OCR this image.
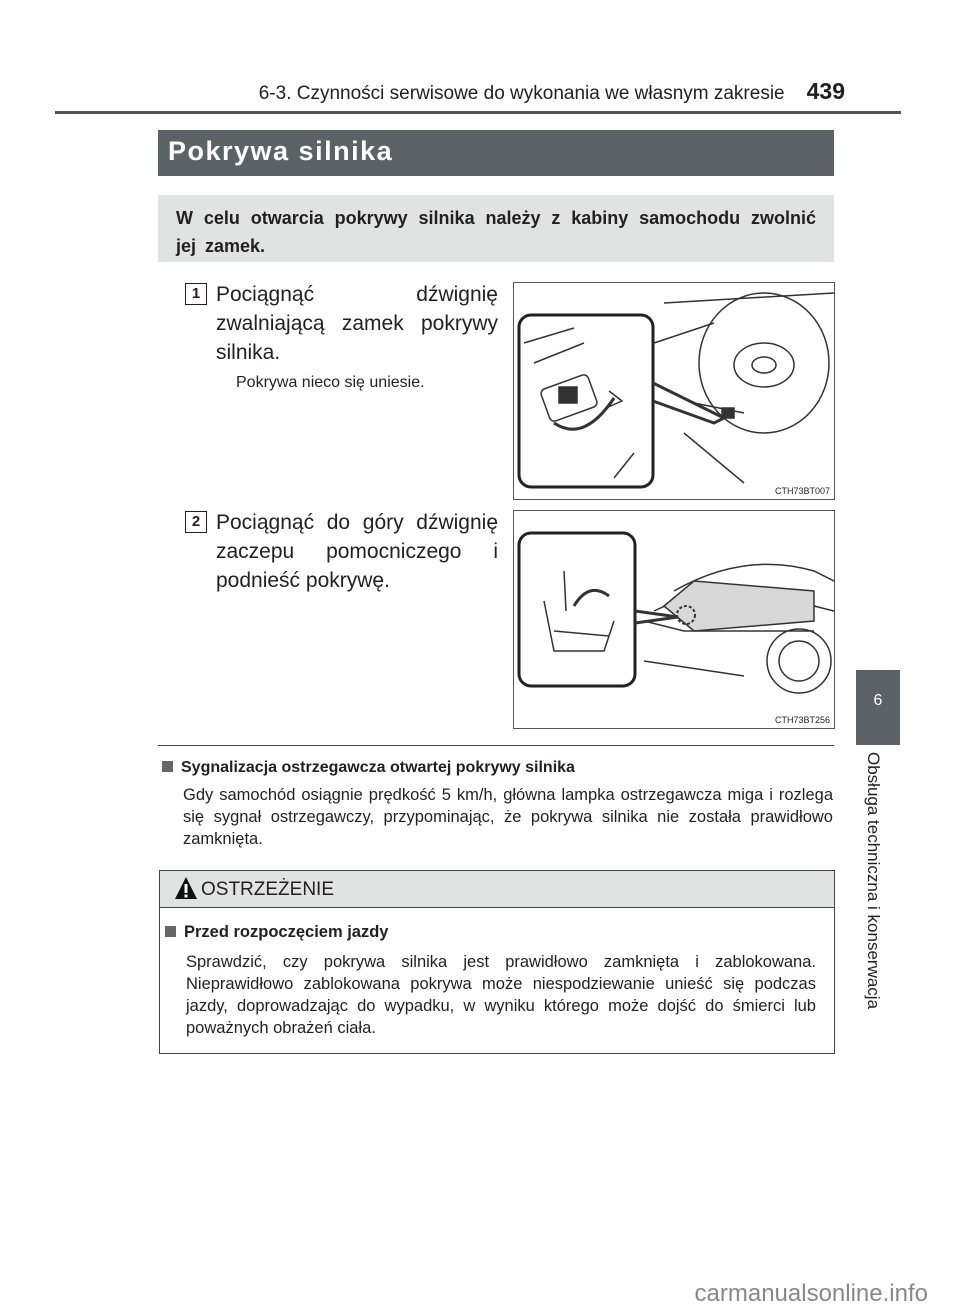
6-3. Czynności serwisowe do wykonania we własnym zakresie 439
Pokrywa silnika

W celu otwarcia pokrywy silnika należy z kabiny samochodu zwolnić jej zamek.

1 Pociągnąć dźwignię zwalniającą zamek pokrywy silnika.
Pokrywa nieco się uniesie.
CTH73BT007
2 Pociągnąć do góry dźwignię zaczepu pomocniczego i podnieść pokrywę.
CTH73BT256
Sygnalizacja ostrzegawcza otwartej pokrywy silnika
Gdy samochód osiągnie prędkość 5 km/h, główna lampka ostrzegawcza miga i rozlega się sygnał ostrzegawczy, przypominając, że pokrywa silnika nie została prawidłowo zamknięta.
OSTRZEŻENIE
Przed rozpoczęciem jazdy
Sprawdzić, czy pokrywa silnika jest prawidłowo zamknięta i zablokowana. Nieprawidłowo zablokowana pokrywa może niespodziewanie unieść się podczas jazdy, doprowadzając do wypadku, w wyniku którego może dojść do śmierci lub poważnych obrażeń ciała.
6
Obsługa techniczna i konserwacja
carmanualsonline.info
